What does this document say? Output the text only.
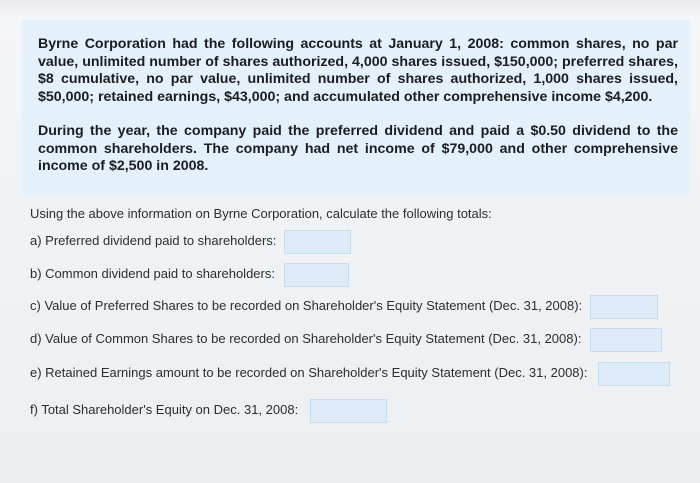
Byrne Corporation had the following accounts at January 1, 2008: common shares, no par value, unlimited number of shares authorized, 4,000 shares issued, $150,000; preferred shares, $8 cumulative, no par value, unlimited number of shares authorized, 1,000 shares issued, $50,000; retained earnings, $43,000; and accumulated other comprehensive income $4,200.
During the year, the company paid the preferred dividend and paid a $0.50 dividend to the common shareholders. The company had net income of $79,000 and other comprehensive income of $2,500 in 2008.
Using the above information on Byrne Corporation, calculate the following totals:
a) Preferred dividend paid to shareholders:
b) Common dividend paid to shareholders:
c) Value of Preferred Shares to be recorded on Shareholder's Equity Statement (Dec. 31, 2008):
d) Value of Common Shares to be recorded on Shareholder's Equity Statement (Dec. 31, 2008):
e) Retained Earnings amount to be recorded on Shareholder's Equity Statement (Dec. 31, 2008):
f) Total Shareholder's Equity on Dec. 31, 2008:
